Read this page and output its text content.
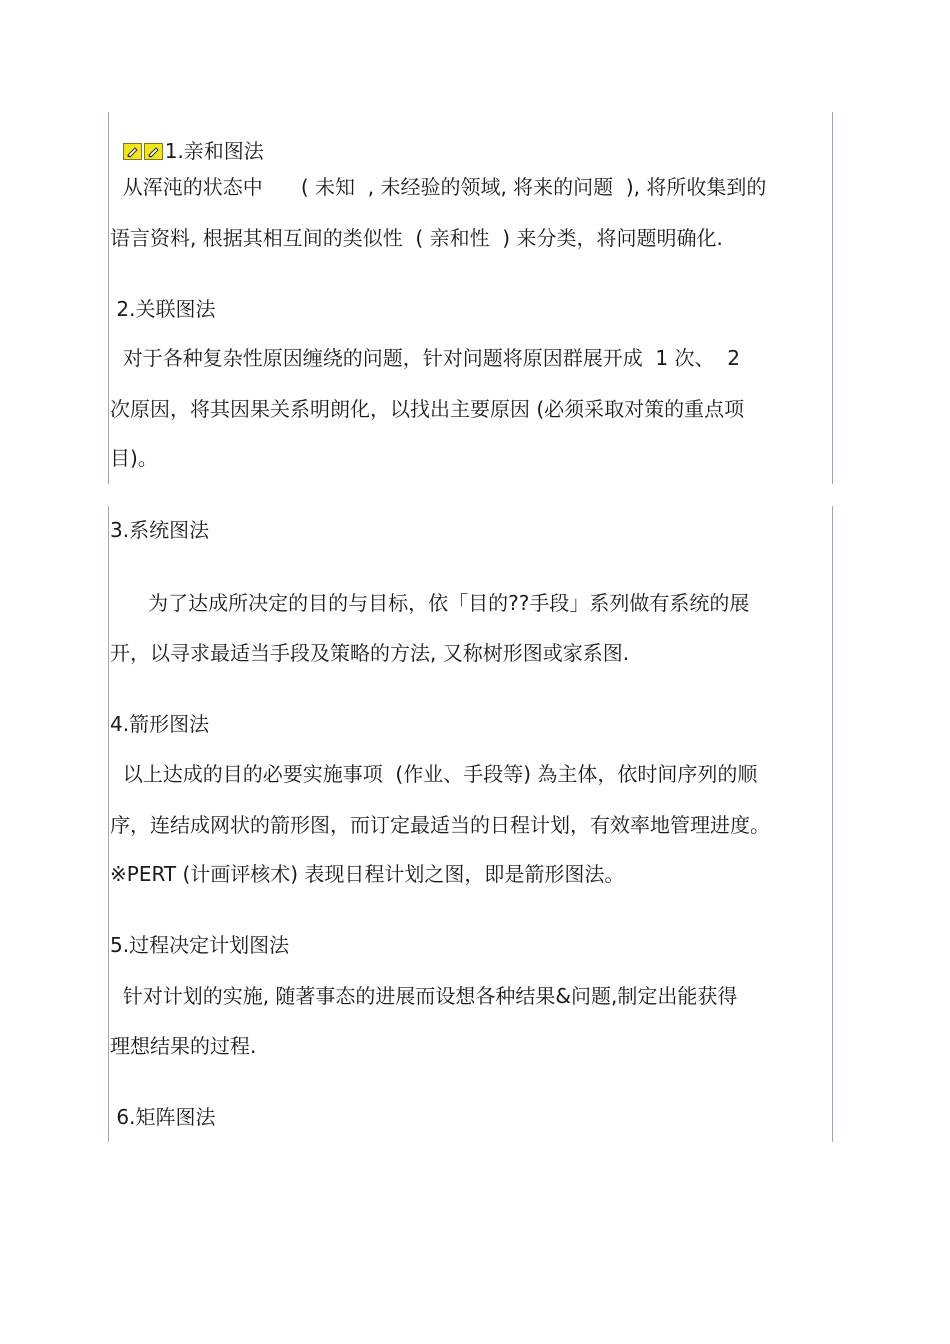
1.亲和图法

从浑沌的状态中      ( 未知  , 未经验的领域, 将来的问题  ), 将所收集到的
语言资料, 根据其相互间的类似性  ( 亲和性  ) 来分类，将问题明确化.
2.关联图法
对于各种复杂性原因缠绕的问题，针对问题将原因群展开成  1 次、  2
次原因，将其因果关系明朗化，以找出主要原因 (必须采取对策的重点项
目)。
3.系统图法
为了达成所决定的目的与目标，依「目的??手段」系列做有系统的展
开，以寻求最适当手段及策略的方法, 又称树形图或家系图.
4.箭形图法
以上达成的目的必要实施事项  (作业、手段等) 為主体，依时间序列的顺
序，连结成网状的箭形图，而订定最适当的日程计划，有效率地管理进度。
※PERT (计画评核术) 表现日程计划之图，即是箭形图法。
5.过程决定计划图法
针对计划的实施, 随著事态的进展而设想各种结果&问题,制定出能获得
理想结果的过程.
6.矩阵图法
